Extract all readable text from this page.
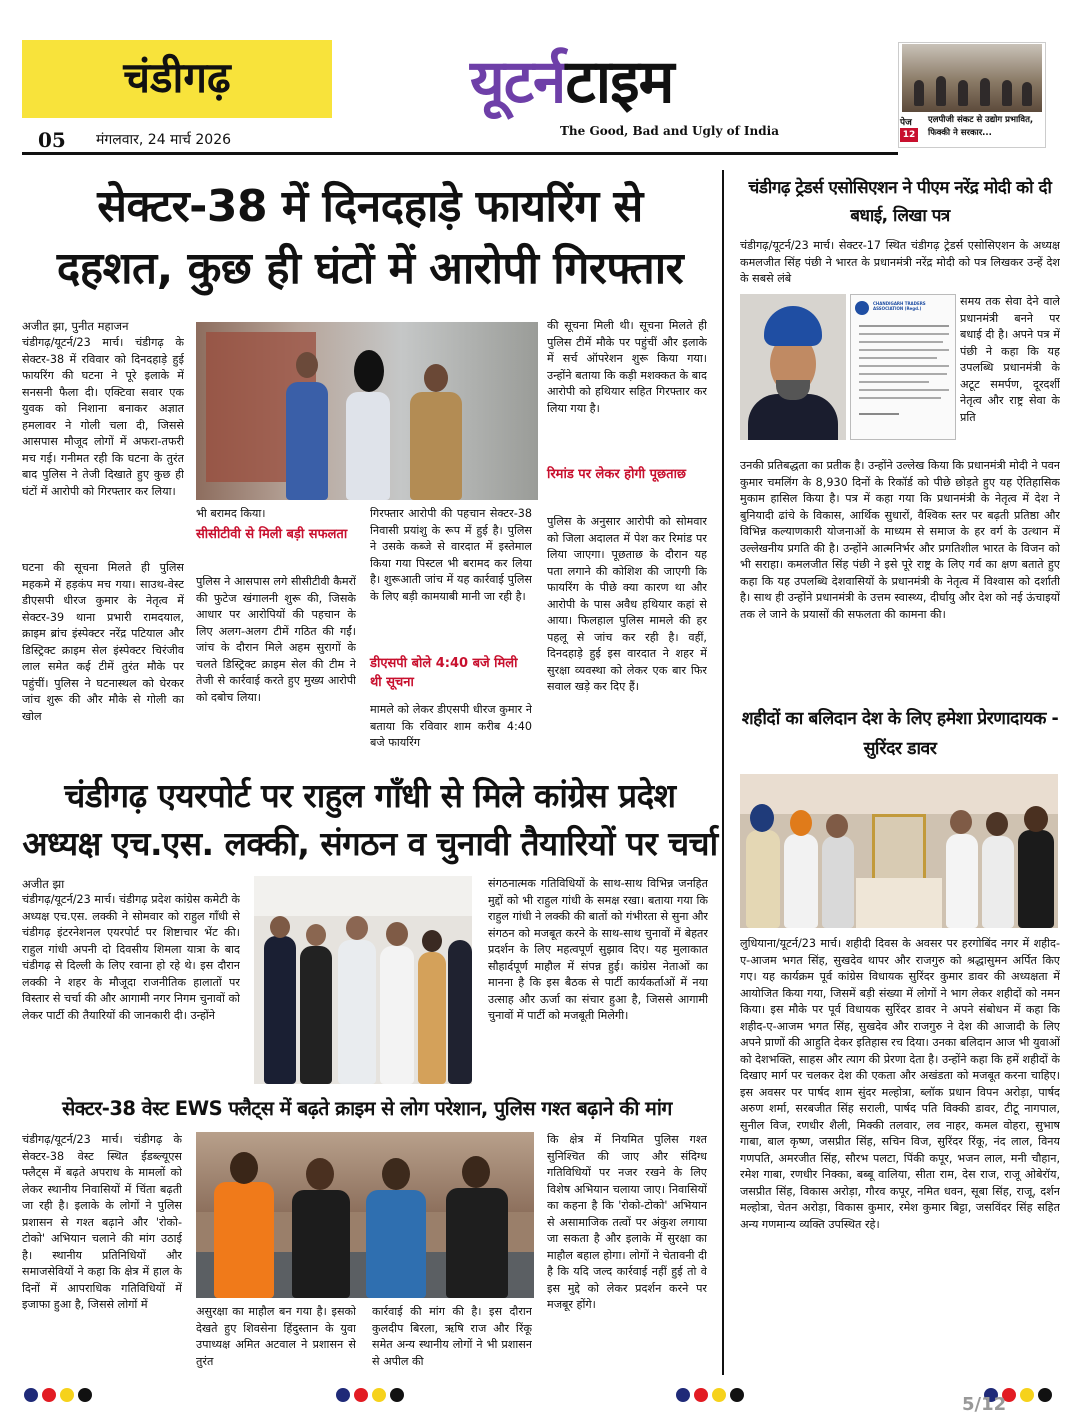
चंडीगढ़	यूटर्नटाइम
The Good, Bad and Ugly of India
पेज
12
एलपीजी संकट से उद्योग प्रभावित, फिक्की ने सरकार...
05 मंगलवार, 24 मार्च 2026
सेक्टर-38 में दिनदहाड़े फायरिंग से
दहशत, कुछ ही घंटों में आरोपी गिरफ्तार
अजीत झा, पुनीत महाजन
चंडीगढ़/यूटर्न/23 मार्च। चंडीगढ़ के सेक्टर-38 में रविवार को दिनदहाड़े हुई फायरिंग की घटना ने पूरे इलाके में सनसनी फैला दी। एक्टिवा सवार एक युवक को निशाना बनाकर अज्ञात हमलावर ने गोली चला दी, जिससे आसपास मौजूद लोगों में अफरा-तफरी मच गई। गनीमत रही कि घटना के तुरंत बाद पुलिस ने तेजी दिखाते हुए कुछ ही घंटों में आरोपी को गिरफ्तार कर लिया।
घटना की सूचना मिलते ही पुलिस महकमे में हड़कंप मच गया। साउथ-वेस्ट डीएसपी धीरज कुमार के नेतृत्व में सेक्टर-39 थाना प्रभारी रामदयाल, क्राइम ब्रांच इंस्पेक्टर नरेंद्र पटियाल और डिस्ट्रिक्ट क्राइम सेल इंस्पेक्टर चिरंजीव लाल समेत कई टीमें तुरंत मौके पर पहुंचीं। पुलिस ने घटनास्थल को घेरकर जांच शुरू की और मौके से गोली का खोल
भी बरामद किया।
सीसीटीवी से मिली बड़ी सफलता
पुलिस ने आसपास लगे सीसीटीवी कैमरों की फुटेज खंगालनी शुरू की, जिसके आधार पर आरोपियों की पहचान के लिए अलग-अलग टीमें गठित की गईं। जांच के दौरान मिले अहम सुरागों के चलते डिस्ट्रिक्ट क्राइम सेल की टीम ने तेजी से कार्रवाई करते हुए मुख्य आरोपी को दबोच लिया।
गिरफ्तार आरोपी की पहचान सेक्टर-38 निवासी प्रयांशु के रूप में हुई है। पुलिस ने उसके कब्जे से वारदात में इस्तेमाल किया गया पिस्टल भी बरामद कर लिया है। शुरूआती जांच में यह कार्रवाई पुलिस के लिए बड़ी कामयाबी मानी जा रही है।
डीएसपी बोले 4:40 बजे मिली थी सूचना
मामले को लेकर डीएसपी धीरज कुमार ने बताया कि रविवार शाम करीब 4:40 बजे फायरिंग
की सूचना मिली थी। सूचना मिलते ही पुलिस टीमें मौके पर पहुंचीं और इलाके में सर्च ऑपरेशन शुरू किया गया। उन्होंने बताया कि कड़ी मशक्कत के बाद आरोपी को हथियार सहित गिरफ्तार कर लिया गया है।
रिमांड पर लेकर होगी पूछताछ
पुलिस के अनुसार आरोपी को सोमवार को जिला अदालत में पेश कर रिमांड पर लिया जाएगा। पूछताछ के दौरान यह पता लगाने की कोशिश की जाएगी कि फायरिंग के पीछे क्या कारण था और आरोपी के पास अवैध हथियार कहां से आया। फिलहाल पुलिस मामले की हर पहलू से जांच कर रही है। वहीं, दिनदहाड़े हुई इस वारदात ने शहर में सुरक्षा व्यवस्था को लेकर एक बार फिर सवाल खड़े कर दिए हैं।
चंडीगढ़ एयरपोर्ट पर राहुल गाँधी से मिले कांग्रेस प्रदेश
अध्यक्ष एच.एस. लक्की, संगठन व चुनावी तैयारियों पर चर्चा
अजीत झा
चंडीगढ़/यूटर्न/23 मार्च। चंडीगढ़ प्रदेश कांग्रेस कमेटी के अध्यक्ष एच.एस. लक्की ने सोमवार को राहुल गाँधी से चंडीगढ़ इंटरनेशनल एयरपोर्ट पर शिष्टाचार भेंट की। राहुल गांधी अपनी दो दिवसीय शिमला यात्रा के बाद चंडीगढ़ से दिल्ली के लिए रवाना हो रहे थे। इस दौरान लक्की ने शहर के मौजूदा राजनीतिक हालातों पर विस्तार से चर्चा की और आगामी नगर निगम चुनावों को लेकर पार्टी की तैयारियों की जानकारी दी। उन्होंने
संगठनात्मक गतिविधियों के साथ-साथ विभिन्न जनहित मुद्दों को भी राहुल गांधी के समक्ष रखा। बताया गया कि राहुल गांधी ने लक्की की बातों को गंभीरता से सुना और संगठन को मजबूत करने के साथ-साथ चुनावों में बेहतर प्रदर्शन के लिए महत्वपूर्ण सुझाव दिए। यह मुलाकात सौहार्दपूर्ण माहौल में संपन्न हुई। कांग्रेस नेताओं का मानना है कि इस बैठक से पार्टी कार्यकर्ताओं में नया उत्साह और ऊर्जा का संचार हुआ है, जिससे आगामी चुनावों में पार्टी को मजबूती मिलेगी।
सेक्टर-38 वेस्ट EWS फ्लैट्स में बढ़ते क्राइम से लोग परेशान, पुलिस गश्त बढ़ाने की मांग
चंडीगढ़/यूटर्न/23 मार्च। चंडीगढ़ के सेक्टर-38 वेस्ट स्थित ईडब्ल्यूएस फ्लैट्स में बढ़ते अपराध के मामलों को लेकर स्थानीय निवासियों में चिंता बढ़ती जा रही है। इलाके के लोगों ने पुलिस प्रशासन से गश्त बढ़ाने और 'रोको-टोको' अभियान चलाने की मांग उठाई है। स्थानीय प्रतिनिधियों और समाजसेवियों ने कहा कि क्षेत्र में हाल के दिनों में आपराधिक गतिविधियों में इजाफा हुआ है, जिससे लोगों में
असुरक्षा का माहौल बन गया है। इसको देखते हुए शिवसेना हिंदुस्तान के युवा उपाध्यक्ष अमित अटवाल ने प्रशासन से तुरंत
कार्रवाई की मांग की है। इस दौरान कुलदीप बिरला, ऋषि राज और रिंकू समेत अन्य स्थानीय लोगों ने भी प्रशासन से अपील की
कि क्षेत्र में नियमित पुलिस गश्त सुनिश्चित की जाए और संदिग्ध गतिविधियों पर नजर रखने के लिए विशेष अभियान चलाया जाए। निवासियों का कहना है कि 'रोको-टोको' अभियान से असामाजिक तत्वों पर अंकुश लगाया जा सकता है और इलाके में सुरक्षा का माहौल बहाल होगा। लोगों ने चेतावनी दी है कि यदि जल्द कार्रवाई नहीं हुई तो वे इस मुद्दे को लेकर प्रदर्शन करने पर मजबूर होंगे।
चंडीगढ़ ट्रेडर्स एसोसिएशन ने पीएम नरेंद्र मोदी को दी बधाई, लिखा पत्र
चंडीगढ़/यूटर्न/23 मार्च। सेक्टर-17 स्थित चंडीगढ़ ट्रेडर्स एसोसिएशन के अध्यक्ष कमलजीत सिंह पंछी ने भारत के प्रधानमंत्री नरेंद्र मोदी को पत्र लिखकर उन्हें देश के सबसे लंबे
CHANDIGARH TRADERS ASSOCIATION (Regd.)
समय तक सेवा देने वाले प्रधानमंत्री बनने पर बधाई दी है। अपने पत्र में पंछी ने कहा कि यह उपलब्धि प्रधानमंत्री के अटूट समर्पण, दूरदर्शी नेतृत्व और राष्ट्र सेवा के प्रति
उनकी प्रतिबद्धता का प्रतीक है। उन्होंने उल्लेख किया कि प्रधानमंत्री मोदी ने पवन कुमार चमलिंग के 8,930 दिनों के रिकॉर्ड को पीछे छोड़ते हुए यह ऐतिहासिक मुकाम हासिल किया है। पत्र में कहा गया कि प्रधानमंत्री के नेतृत्व में देश ने बुनियादी ढांचे के विकास, आर्थिक सुधारों, वैश्विक स्तर पर बढ़ती प्रतिष्ठा और विभिन्न कल्याणकारी योजनाओं के माध्यम से समाज के हर वर्ग के उत्थान में उल्लेखनीय प्रगति की है। उन्होंने आत्मनिर्भर और प्रगतिशील भारत के विजन को भी सराहा। कमलजीत सिंह पंछी ने इसे पूरे राष्ट्र के लिए गर्व का क्षण बताते हुए कहा कि यह उपलब्धि देशवासियों के प्रधानमंत्री के नेतृत्व में विश्वास को दर्शाती है। साथ ही उन्होंने प्रधानमंत्री के उत्तम स्वास्थ्य, दीर्घायु और देश को नई ऊंचाइयों तक ले जाने के प्रयासों की सफलता की कामना की।
शहीदों का बलिदान देश के लिए हमेशा प्रेरणादायक - सुरिंदर डावर
लुधियाना/यूटर्न/23 मार्च। शहीदी दिवस के अवसर पर हरगोबिंद नगर में शहीद-ए-आजम भगत सिंह, सुखदेव थापर और राजगुरु को श्रद्धासुमन अर्पित किए गए। यह कार्यक्रम पूर्व कांग्रेस विधायक सुरिंदर कुमार डावर की अध्यक्षता में आयोजित किया गया, जिसमें बड़ी संख्या में लोगों ने भाग लेकर शहीदों को नमन किया। इस मौके पर पूर्व विधायक सुरिंदर डावर ने अपने संबोधन में कहा कि शहीद-ए-आजम भगत सिंह, सुखदेव और राजगुरु ने देश की आजादी के लिए अपने प्राणों की आहुति देकर इतिहास रच दिया। उनका बलिदान आज भी युवाओं को देशभक्ति, साहस और त्याग की प्रेरणा देता है। उन्होंने कहा कि हमें शहीदों के दिखाए मार्ग पर चलकर देश की एकता और अखंडता को मजबूत करना चाहिए। इस अवसर पर पार्षद शाम सुंदर मल्होत्रा, ब्लॉक प्रधान विपन अरोड़ा, पार्षद अरुण शर्मा, सरबजीत सिंह सराली, पार्षद पति विक्की डावर, टीटू नागपाल, सुनील विज, रणधीर शैली, मिक्की तलवार, लव नाहर, कमल वोहरा, सुभाष गाबा, बाल कृष्ण, जसप्रीत सिंह, सचिन विज, सुरिंदर रिंकू, नंद लाल, विनय गणपति, अमरजीत सिंह, सौरभ पलटा, पिंकी कपूर, भजन लाल, मनी चौहान, रमेश गाबा, रणधीर निक्का, बब्बू वालिया, सीता राम, देस राज, राजू ओबेरॉय, जसप्रीत सिंह, विकास अरोड़ा, गौरव कपूर, नमित धवन, सूबा सिंह, राजू, दर्शन मल्होत्रा, चेतन अरोड़ा, विकास कुमार, रमेश कुमार बिट्टा, जसविंदर सिंह सहित अन्य गणमान्य व्यक्ति उपस्थित रहे।
5/12
